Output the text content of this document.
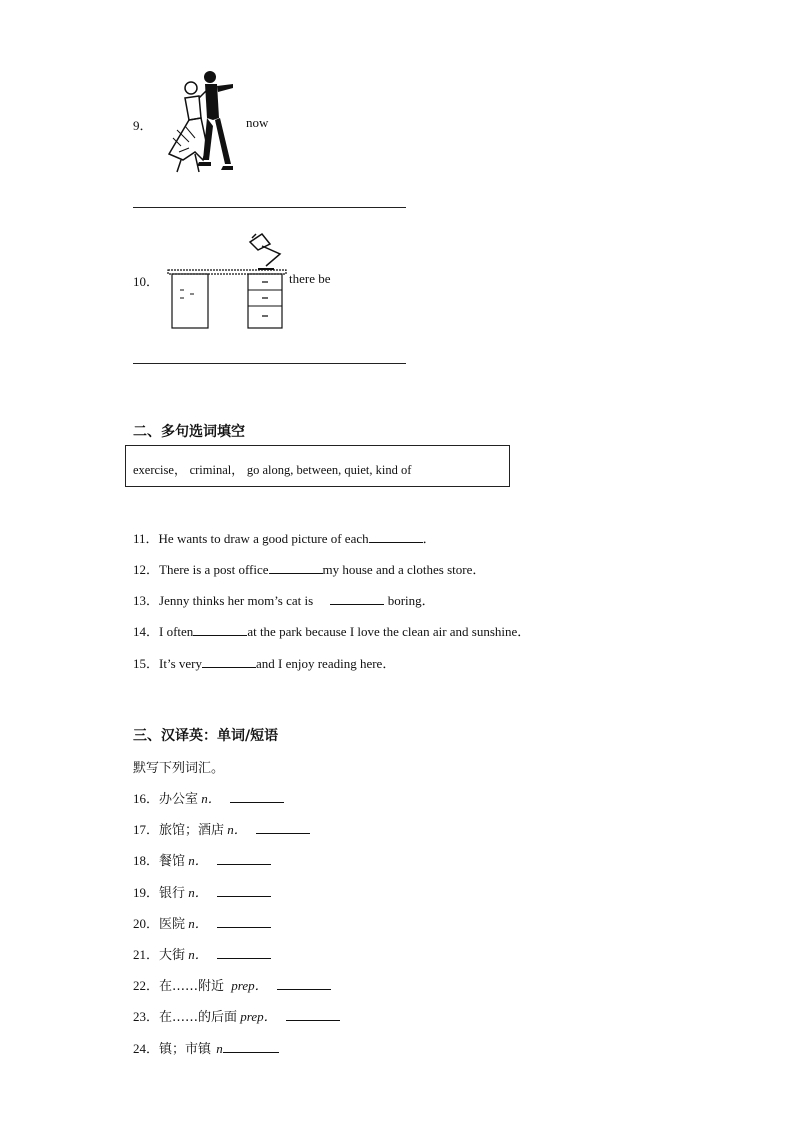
9．	now
10．	there be
二、多句选词填空
exercise， criminal， go along, between, quiet, kind of
11．He wants to draw a good picture of each	．
12．There is a post office	my house and a clothes store．
13．Jenny thinks her mom’s cat is	boring．
14．I often	at the park because I love the clean air and sunshine．
15．It’s very	and I enjoy reading here．
三、汉译英：单词/短语
默写下列词汇。
16．办公室 n．
17．旅馆；酒店 n．
18．餐馆 n．
19．银行 n．
20．医院 n．
21．大街 n．
22．在……附近 prep．
23．在……的后面 prep．
24．镇；市镇 n
